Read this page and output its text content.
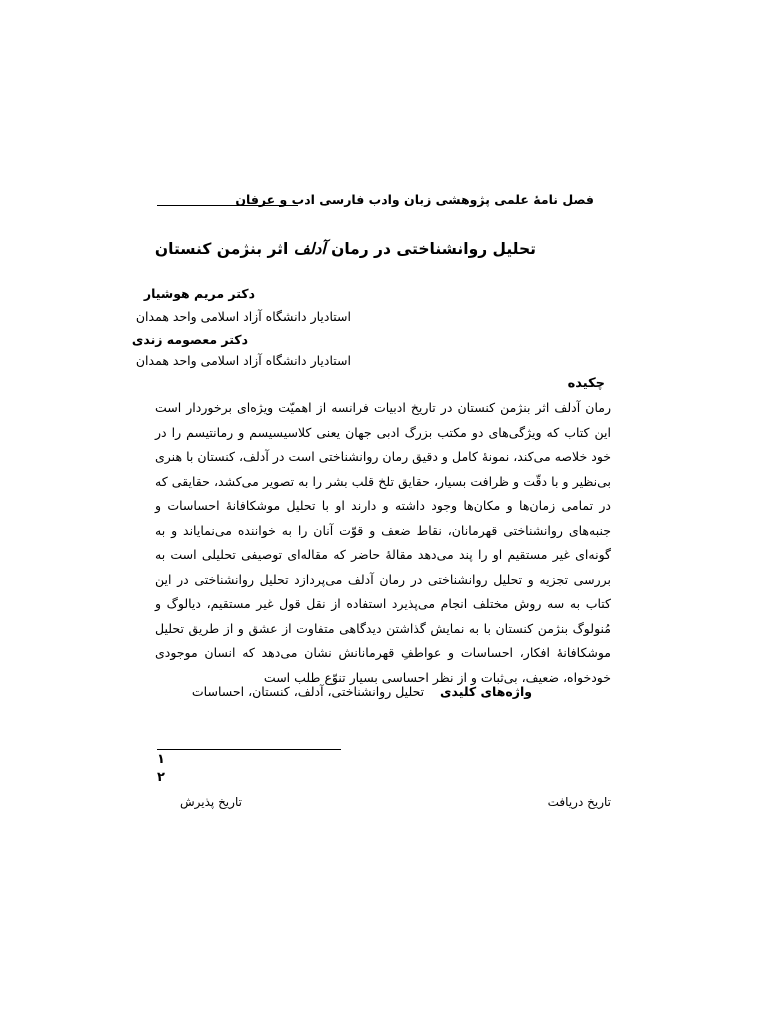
فصل نامهٔ علمی پژوهشی زبان وادب فارسی ادب و عرفان
تحلیل روانشناختی در رمان آدلف اثر بنژمن کنستان
دکتر مریم هوشیار
استادیار دانشگاه آزاد اسلامی واحد همدان
دکتر معصومه زندی
استادیار دانشگاه آزاد اسلامی واحد همدان
چکیده

رمان آدلف اثر بنژمن کنستان در تاریخ ادبیات فرانسه از اهمیّت ویژه‌ای برخوردار است این کتاب که ویژگی‌های دو مکتب بزرگ ادبی جهان یعنی کلاسیسیسم و رمانتیسم را در خود خلاصه می‌کند، نمونهٔ کامل و دقیق رمان روانشناختی است در آدلف، کنستان با هنری بی‌نظیر و با دقّت و ظرافت بسیار، حقایق تلخ قلب بشر را به تصویر می‌کشد، حقایقی که در تمامی زمان‌ها و مکان‌ها وجود داشته و دارند او با تحلیل موشکافانهٔ احساسات و جنبه‌های روانشناختی قهرمانان، نقاط ضعف و قوّت آنان را به خواننده می‌نمایاند و به گونه‌ای غیر مستقیم او را پند می‌دهد مقالهٔ حاضر که مقاله‌ای توصیفی تحلیلی است به بررسی تجزیه و تحلیل روانشناختی در رمان آدلف می‌پردازد تحلیل روانشناختی در این کتاب به سه روش مختلف انجام می‌پذیرد استفاده از نقل قول غیر مستقیم، دیالوگ و مُنولوگ بنژمن کنستان با به نمایش گذاشتن دیدگاهی متفاوت از عشق و از طریق تحلیل موشکافانهٔ افکار، احساسات و عواطفِ قهرمانانش نشان می‌دهد که انسان موجودی خودخواه، ضعیف، بی‌ثبات و از نظر احساسی بسیار تنوّع طلب است

واژه‌های کلیدی    تحلیل روانشناختی، آدلف، کنستان، احساسات
۱
۲
تاریخ دریافت
تاریخ پذیرش
